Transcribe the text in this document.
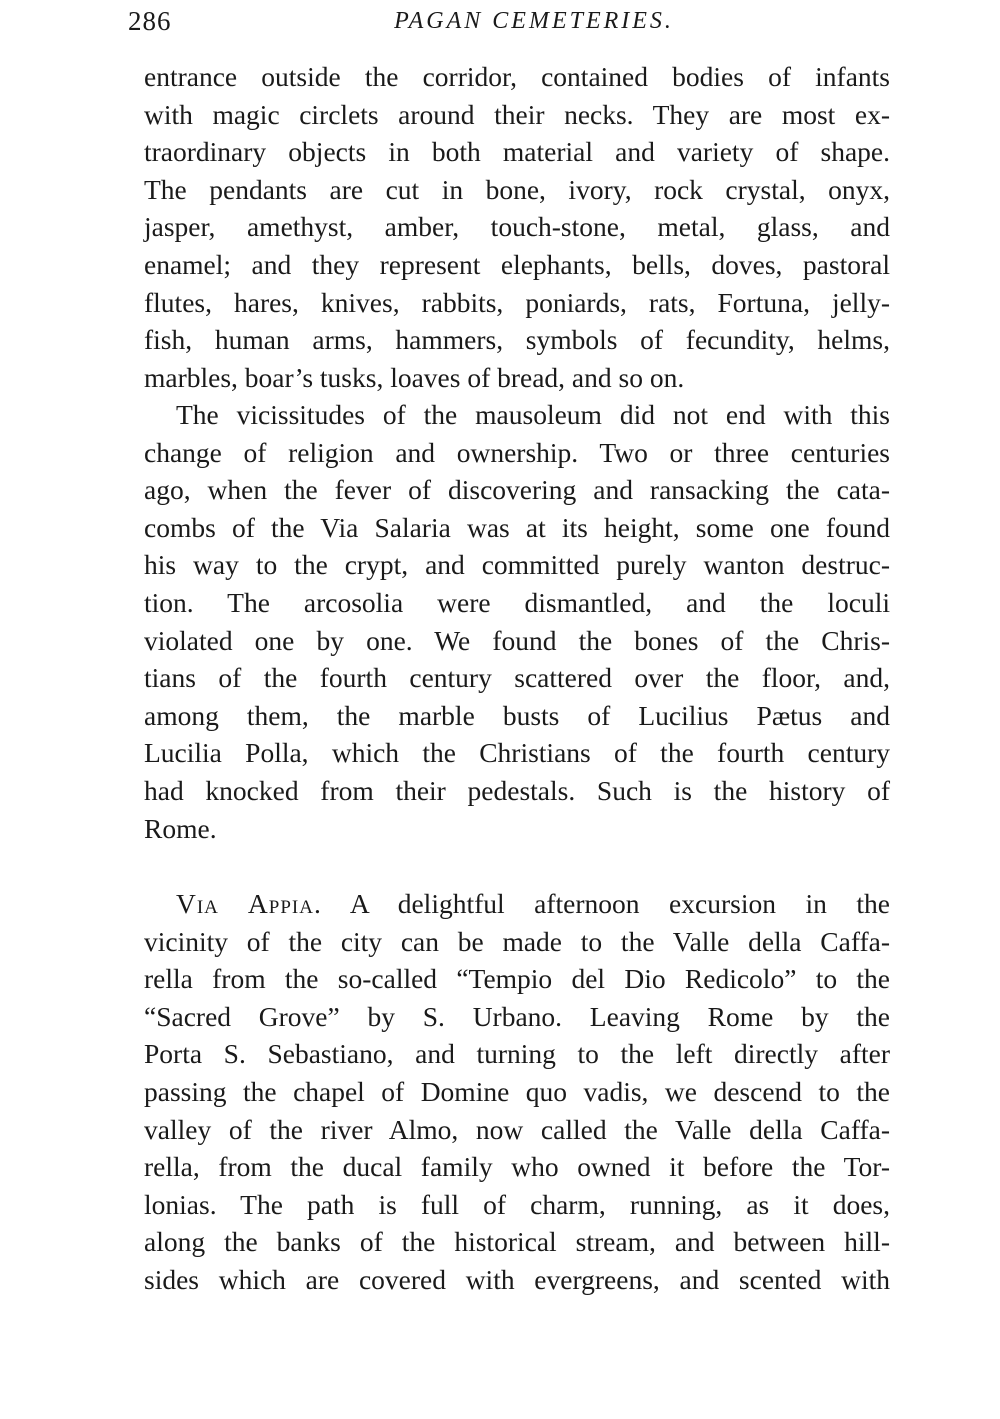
286	PAGAN CEMETERIES.
entrance outside the corridor, contained bodies of infants
with magic circlets around their necks. They are most ex-
traordinary objects in both material and variety of shape.
The pendants are cut in bone, ivory, rock crystal, onyx,
jasper, amethyst, amber, touch-stone, metal, glass, and
enamel; and they represent elephants, bells, doves, pastoral
flutes, hares, knives, rabbits, poniards, rats, Fortuna, jelly-
fish, human arms, hammers, symbols of fecundity, helms,
marbles, boar’s tusks, loaves of bread, and so on.
The vicissitudes of the mausoleum did not end with this
change of religion and ownership. Two or three centuries
ago, when the fever of discovering and ransacking the cata-
combs of the Via Salaria was at its height, some one found
his way to the crypt, and committed purely wanton destruc-
tion. The arcosolia were dismantled, and the loculi
violated one by one. We found the bones of the Chris-
tians of the fourth century scattered over the floor, and,
among them, the marble busts of Lucilius Pætus and
Lucilia Polla, which the Christians of the fourth century
had knocked from their pedestals. Such is the history of
Rome.
Via Appia. A delightful afternoon excursion in the
vicinity of the city can be made to the Valle della Caffa-
rella from the so-called “Tempio del Dio Redicolo” to the
“Sacred Grove” by S. Urbano. Leaving Rome by the
Porta S. Sebastiano, and turning to the left directly after
passing the chapel of Domine quo vadis, we descend to the
valley of the river Almo, now called the Valle della Caffa-
rella, from the ducal family who owned it before the Tor-
lonias. The path is full of charm, running, as it does,
along the banks of the historical stream, and between hill-
sides which are covered with evergreens, and scented with
